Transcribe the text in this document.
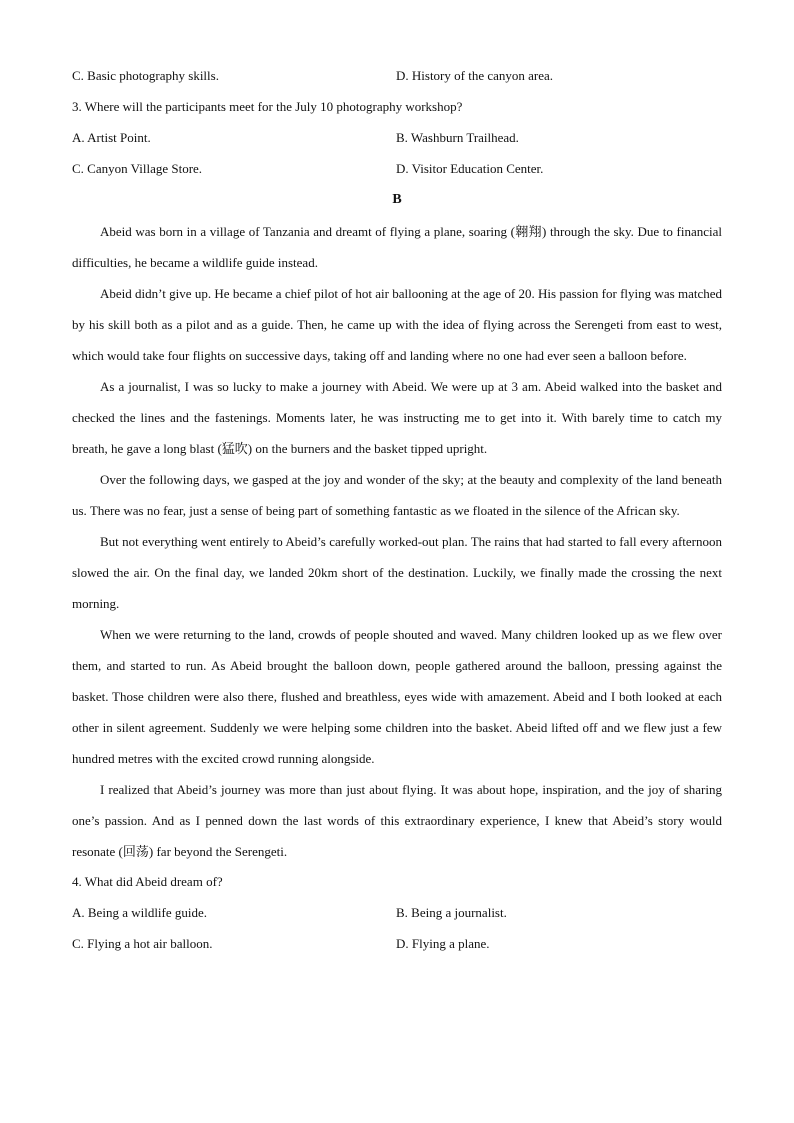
C. Basic photography skills.	D. History of the canyon area.
3. Where will the participants meet for the July 10 photography workshop?
A. Artist Point.	B. Washburn Trailhead.
C. Canyon Village Store.	D. Visitor Education Center.
B

Abeid was born in a village of Tanzania and dreamt of flying a plane, soaring (翱翔) through the sky. Due to financial difficulties, he became a wildlife guide instead.

Abeid didn’t give up. He became a chief pilot of hot air ballooning at the age of 20. His passion for flying was matched by his skill both as a pilot and as a guide. Then, he came up with the idea of flying across the Serengeti from east to west, which would take four flights on successive days, taking off and landing where no one had ever seen a balloon before.

As a journalist, I was so lucky to make a journey with Abeid. We were up at 3 am. Abeid walked into the basket and checked the lines and the fastenings. Moments later, he was instructing me to get into it. With barely time to catch my breath, he gave a long blast (猛吹) on the burners and the basket tipped upright.

Over the following days, we gasped at the joy and wonder of the sky; at the beauty and complexity of the land beneath us. There was no fear, just a sense of being part of something fantastic as we floated in the silence of the African sky.

But not everything went entirely to Abeid’s carefully worked-out plan. The rains that had started to fall every afternoon slowed the air. On the final day, we landed 20km short of the destination. Luckily, we finally made the crossing the next morning.

When we were returning to the land, crowds of people shouted and waved. Many children looked up as we flew over them, and started to run. As Abeid brought the balloon down, people gathered around the balloon, pressing against the basket. Those children were also there, flushed and breathless, eyes wide with amazement. Abeid and I both looked at each other in silent agreement. Suddenly we were helping some children into the basket. Abeid lifted off and we flew just a few hundred metres with the excited crowd running alongside.

I realized that Abeid’s journey was more than just about flying. It was about hope, inspiration, and the joy of sharing one’s passion. And as I penned down the last words of this extraordinary experience, I knew that Abeid’s story would resonate (回荡) far beyond the Serengeti.

4. What did Abeid dream of?
A. Being a wildlife guide.	B. Being a journalist.
C. Flying a hot air balloon.	D. Flying a plane.
